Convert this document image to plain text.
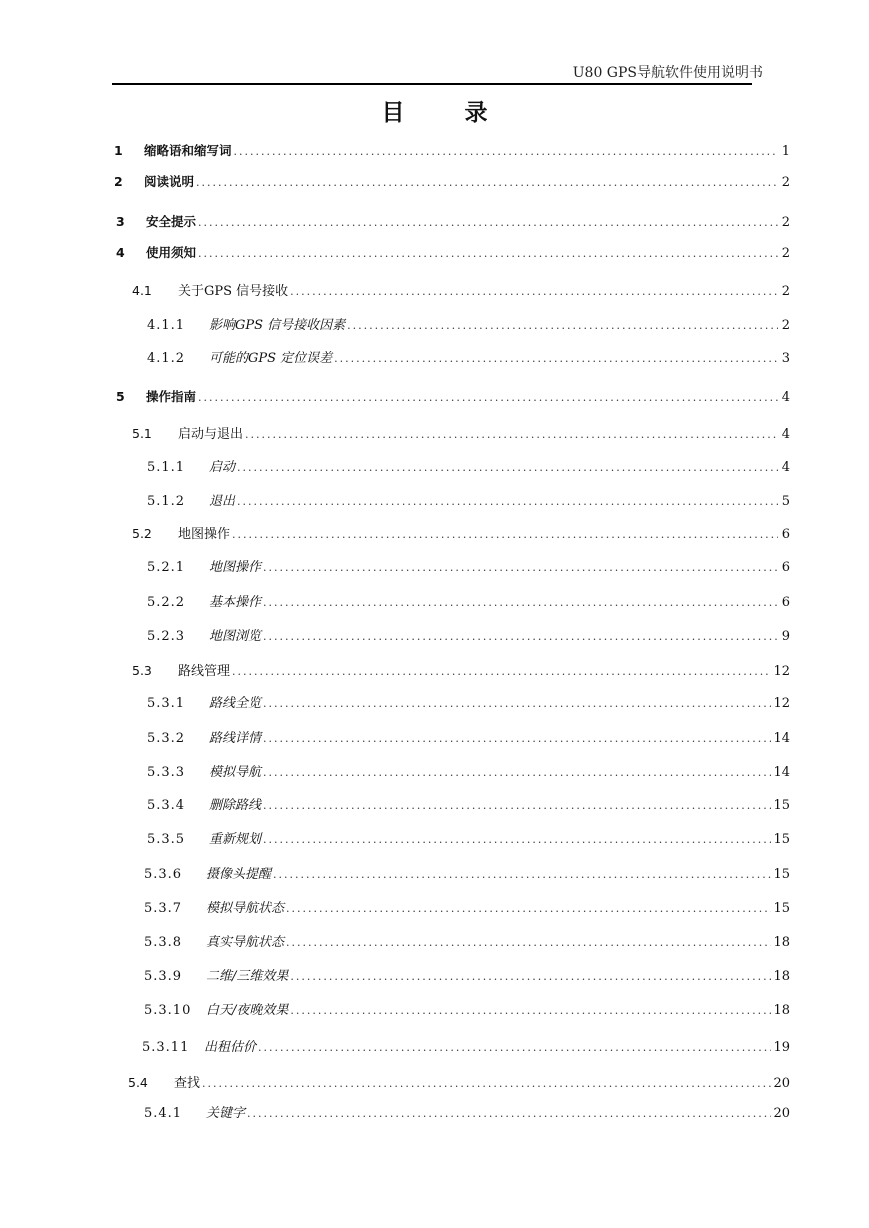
U80 GPS导航软件使用说明书
目 录
1	缩略语和缩写词 .....	1
2	阅读说明 .....	2
3	安全提示 .....	2
4	使用须知 .....	2
4.1	关于GPS 信号接收 .....	2
4.1.1	影响GPS 信号接收因素 .....	2
4.1.2	可能的GPS 定位误差 .....	3
5	操作指南 .....	4
5.1	启动与退出 .....	4
5.1.1	启动 .....	4
5.1.2	退出 .....	5
5.2	地图操作 .....	6
5.2.1	地图操作 .....	6
5.2.2	基本操作 .....	6
5.2.3	地图浏览 .....	9
5.3	路线管理 .....	12
5.3.1	路线全览 .....	12
5.3.2	路线详情 .....	14
5.3.3	模拟导航 .....	14
5.3.4	删除路线 .....	15
5.3.5	重新规划 .....	15
5.3.6	摄像头提醒 .....	15
5.3.7	模拟导航状态 .....	15
5.3.8	真实导航状态 .....	18
5.3.9	二维/三维效果 .....	18
5.3.10	白天/夜晚效果 .....	18
5.3.11	出租估价 .....	19
5.4	查找 .....	20
5.4.1	关键字 .....	20
